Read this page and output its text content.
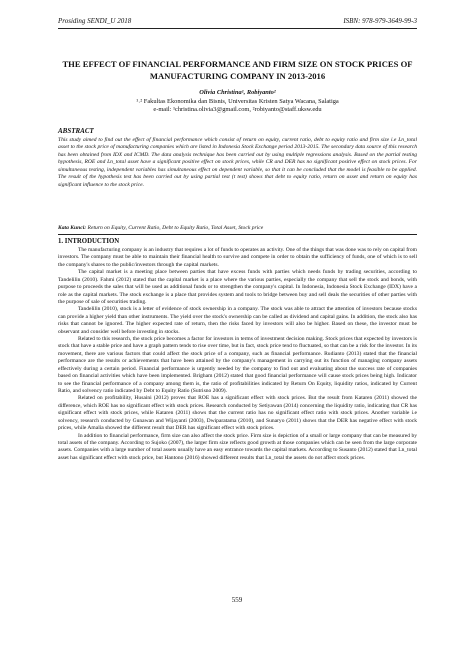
Prosiding SENDI_U 2018	ISBN: 978-979-3649-99-3
THE EFFECT OF FINANCIAL PERFORMANCE AND FIRM SIZE ON STOCK PRICES OF MANUFACTURING COMPANY IN 2013-2016
Olivia Christina¹, Robiyanto²
¹˒² Fakultas Ekonomika dan Bisnis, Universitas Kristen Satya Wacana, Salatiga
e-mail: ¹christina.olivia3@gmail.com, ²robiyanto@staff.uksw.edu
ABSTRACT
This study aimed to find out the effect of financial performance which consist of return on equity, current ratio, debt to equity ratio and firm size i.e Ln_total asset to the stock price of manufacturing companies which are listed in Indonesia Stock Exchange period 2013-2015. The secondary data source of this research has been obtained from IDX and ICMD. The data analysis technique has been carried out by using multiple regressions analysis. Based on the partial testing hypothesis, ROE and Ln_total asset have a significant positive effect on stock prices, while CR and DER has no significant positive effect on stock prices. For simultaneous testing, independent variables has simultaneous effect on dependent variable, so that it can be concluded that the model is feasible to be applied. The result of the hypothesis test has been carried out by using partial test (t test) shows that debt to equity ratio, return on asset and return on equity has significant influence to the stock price.
Kata Kunci: Return on Equity, Current Ratio, Debt to Equity Ratio, Total Asset, Stock price
1. INTRODUCTION

The manufacturing company is an industry that requires a lot of funds to operates an activity. One of the things that was done was to rely on capital from investors. The company must be able to maintain their financial health to survive and compete in order to obtain the sufficiency of funds, one of which is to sell the company's shares to the public/investors through the capital markets.

The capital market is a meeting place between parties that have excess funds with parties which needs funds by trading securities, according to Tandelilin (2010). Fahmi (2012) stated that the capital market is a place where the various parties, especially the company that sell the stock and bonds, with purpose to proceeds the sales that will be used as additional funds or to strengthen the company's capital. In Indonesia, Indonesia Stock Exchange (IDX) have a role as the capital markets. The stock exchange is a place that provides system and tools to bridge between buy and sell deals the securities of other parties with the purpose of sale of securities trading.

Tandelilin (2010), stock is a letter of evidence of stock ownership in a company. The stock was able to attract the attention of investors because stocks can provide a higher yield than other instruments. The yield over the stock's ownership can be called as dividend and capital gains. In addition, the stock also has risks that cannot be ignored. The higher expected rate of return, then the risks faced by investors will also be higher. Based on these, the investor must be observant and consider well before investing in stocks.

Related to this research, the stock price becomes a factor for investors in terms of investment decision making. Stock prices that expected by investors is stock that have a stable price and have a graph pattern tends to rise over time, but in fact, stock price tend to fluctuated, so that can be a risk for the investor. In its movement, there are various factors that could affect the stock price of a company, such as financial performance. Rudianto (2013) stated that the financial performance are the results or achievements that have been attained by the company's management in carrying out its function of managing company assets effectively during a certain period. Financial performance is urgently needed by the company to find out and evaluating about the success rate of companies based on financial activities which have been implemented. Brigham (2012) stated that good financial performance will cause stock prices being high. Indicator to see the financial performance of a company among them is, the ratio of profitabilities indicated by Return On Equity, liquidity ratios, indicated by Current Ratio, and solvency ratio indicated by Debt to Equity Ratio (Sutrisno 2009).

Related on profitability, Husaini (2012) proves that ROE has a significant effect with stock prices. But the result from Kataren (2011) showed the difference, which ROE has no significant effect with stock prices. Research conducted by Setiyawan (2014) concerning the liquidity ratio, indicating that CR has significant effect with stock prices, while Kataren (2011) shows that the current ratio has no significant effect ratio with stock prices. Another variable i.e solvency, research conducted by Gunawan and Wijayanti (2003), Dwiparatama (2010), and Sunaryo (2011) shows that the DER has negative effect with stock prices, while Amalia showed the different result that DER has significant effect with stock prices.

In addition to financial performance, firm size can also affect the stock price. Firm size is depiction of a small or large company that can be measured by total assets of the company. According to Sujoko (2007), the larger firm size reflects good growth at those companies which can be seen from the large corporate assets. Companies with a large number of total assets usually have an easy entrance towards the capital markets. According to Susanto (2012) stated that Ln_total asset has significant effect with stock price, but Hantono (2016) showed different results that Ln_total the assets do not affect stock prices.

559
